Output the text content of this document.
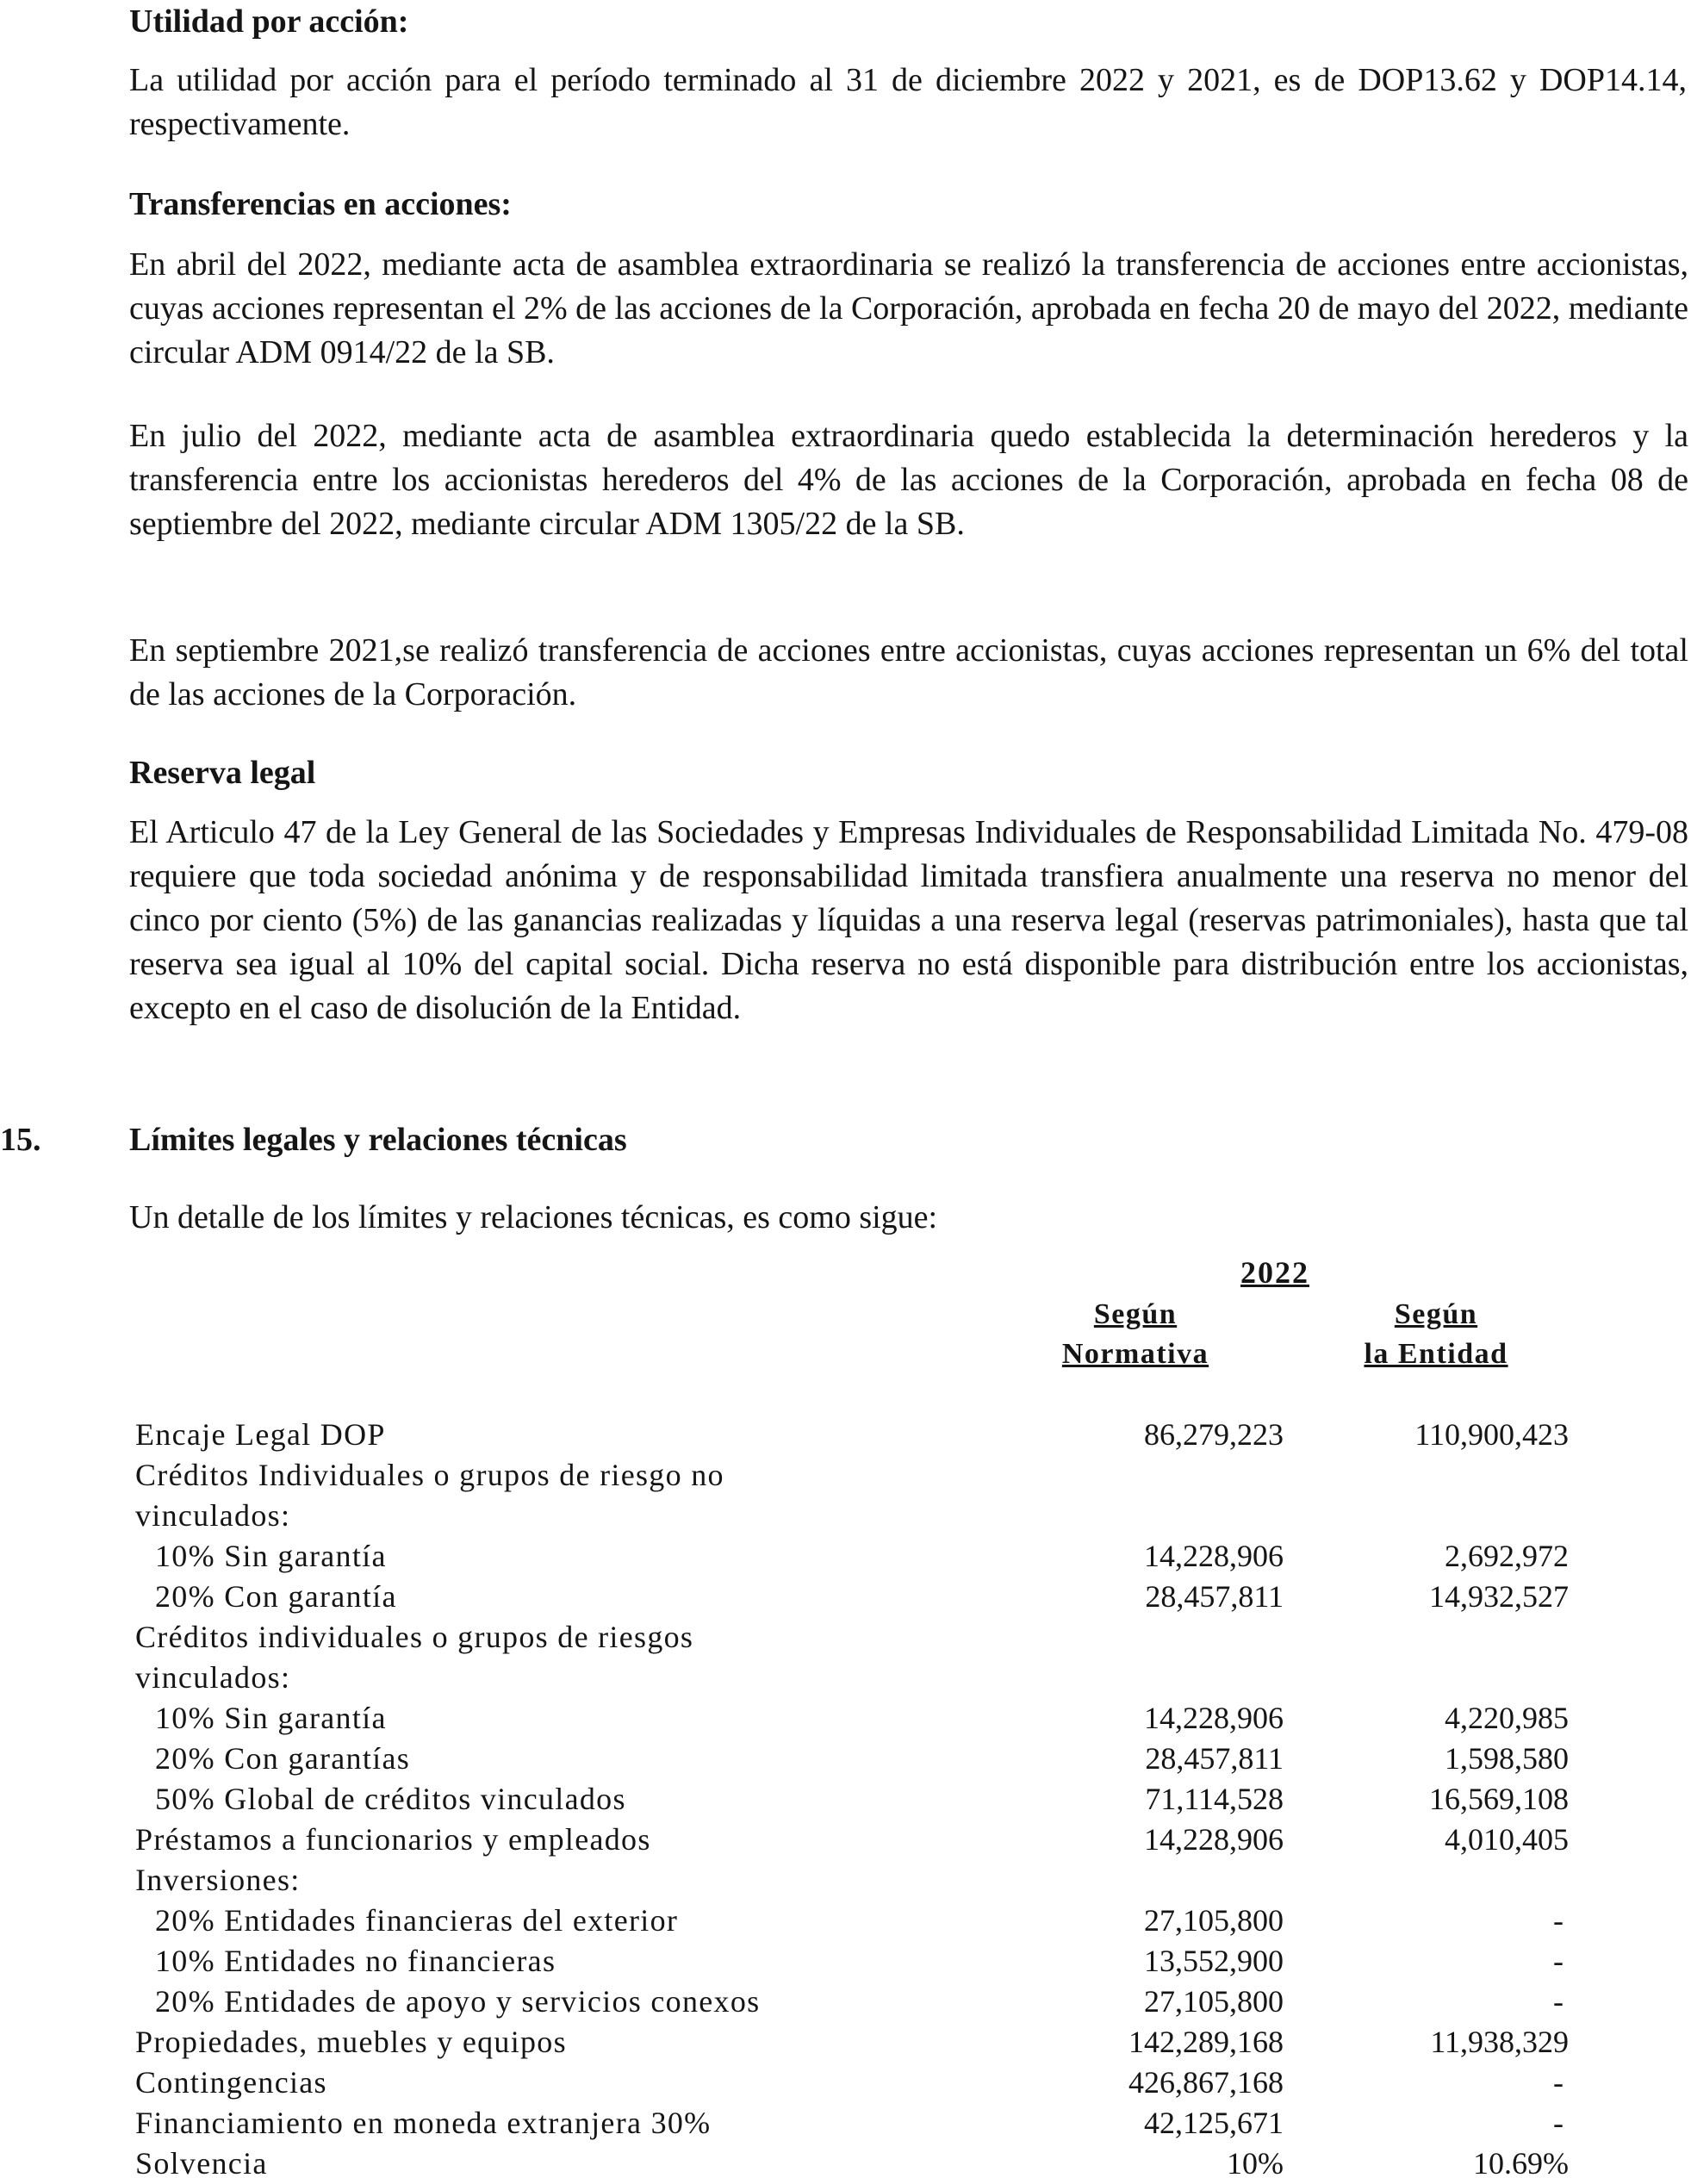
Utilidad por acción:

La utilidad por acción para el período terminado al 31 de diciembre 2022 y 2021, es de DOP13.62 y DOP14.14, respectivamente.

Transferencias en acciones:

En abril del 2022, mediante acta de asamblea extraordinaria se realizó la transferencia de acciones entre accionistas, cuyas acciones representan el 2% de las acciones de la Corporación, aprobada en fecha 20 de mayo del 2022, mediante circular ADM 0914/22 de la SB.

En julio del 2022, mediante acta de asamblea extraordinaria quedo establecida la determinación herederos y la transferencia entre los accionistas herederos del 4% de las acciones de la Corporación, aprobada en fecha 08 de septiembre del 2022, mediante circular ADM 1305/22 de la SB.

En septiembre 2021,se realizó transferencia de acciones entre accionistas, cuyas acciones representan un 6% del total de las acciones de la Corporación.

Reserva legal

El Articulo 47 de la Ley General de las Sociedades y Empresas Individuales de Responsabilidad Limitada No. 479-08 requiere que toda sociedad anónima y de responsabilidad limitada transfiera anualmente una reserva no menor del cinco por ciento (5%) de las ganancias realizadas y líquidas a una reserva legal (reservas patrimoniales), hasta que tal reserva sea igual al 10% del capital social. Dicha reserva no está disponible para distribución entre los accionistas, excepto en el caso de disolución de la Entidad.

15.	Límites legales y relaciones técnicas
Un detalle de los límites y relaciones técnicas, es como sigue:
2022
Según
Normativa
Según
la Entidad
Encaje Legal DOP	86,279,223	110,900,423
Créditos Individuales o grupos de riesgo no
vinculados:
10% Sin garantía	14,228,906	2,692,972
20% Con garantía	28,457,811	14,932,527
Créditos individuales o grupos de riesgos
vinculados:
10% Sin garantía	14,228,906	4,220,985
20% Con garantías	28,457,811	1,598,580
50% Global de créditos vinculados	71,114,528	16,569,108
Préstamos a funcionarios y empleados	14,228,906	4,010,405
Inversiones:
20% Entidades financieras del exterior	27,105,800	-
10% Entidades no financieras	13,552,900	-
20% Entidades de apoyo y servicios conexos	27,105,800	-
Propiedades, muebles y equipos	142,289,168	11,938,329
Contingencias	426,867,168	-
Financiamiento en moneda extranjera 30%	42,125,671	-
Solvencia	10%	10.69%
